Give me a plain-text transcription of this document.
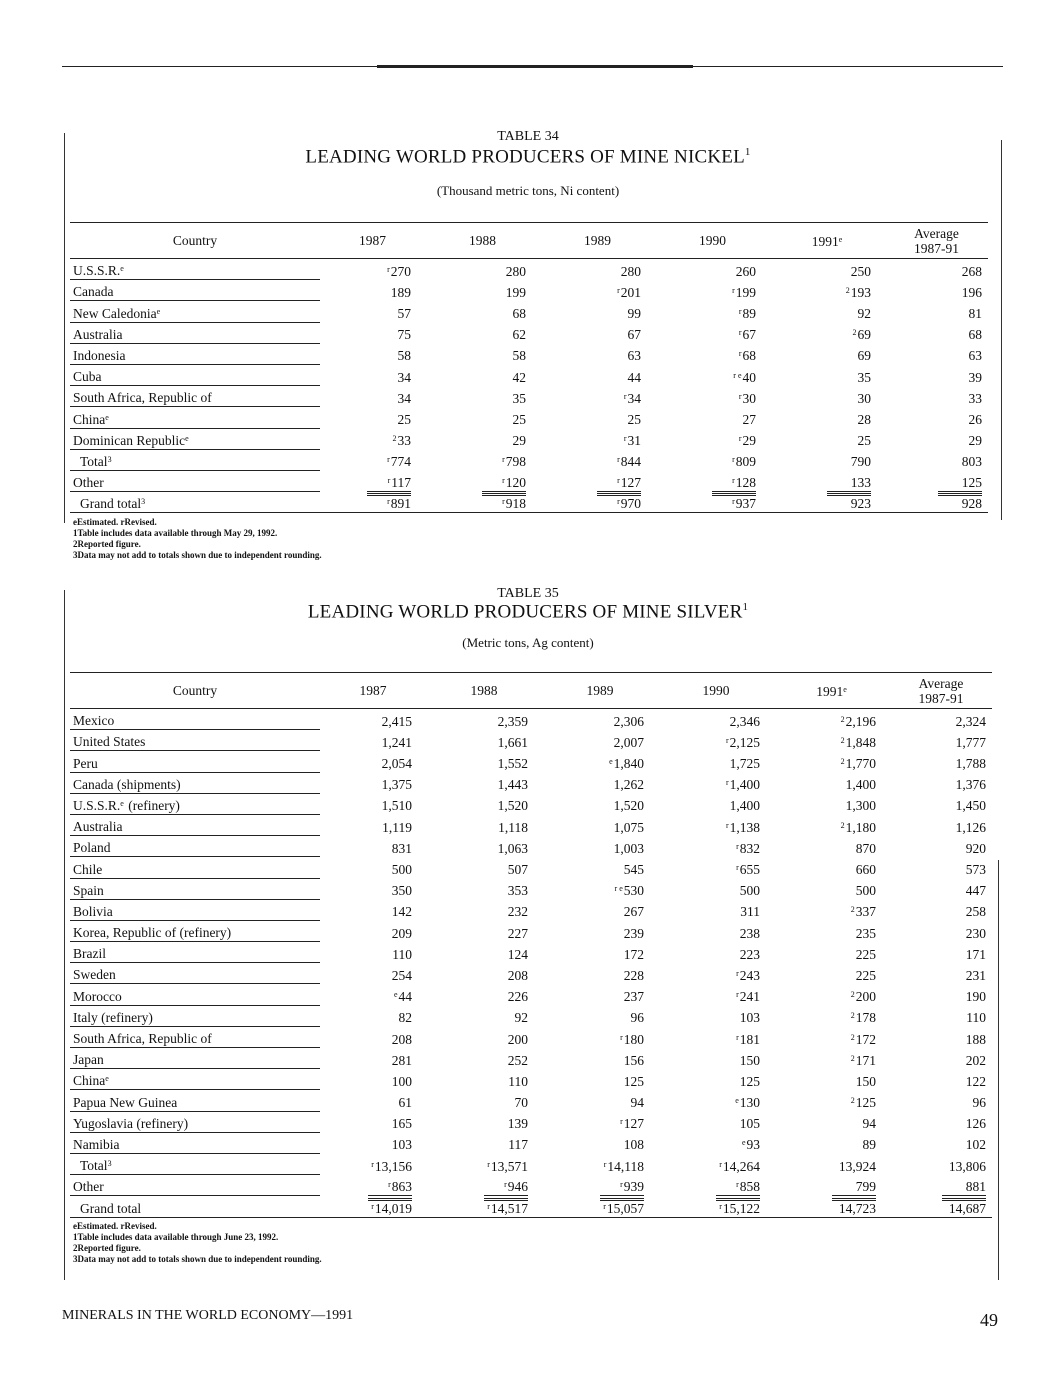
TABLE 34
LEADING WORLD PRODUCERS OF MINE NICKEL$^1$
(Thousand metric tons, Ni content)
Country	1987	1988	1989	1990	1991e	Average
1987-91
U.S.S.R.$^e$	$^r$270	280	280	260	250	268
Canada	189	199	$^r$201	$^r$199	$^2$193	196
New Caledonia$^e$	57	68	99	$^r$89	92	81
Australia	75	62	67	$^r$67	$^2$69	68
Indonesia	58	58	63	$^r$68	69	63
Cuba	34	42	44	$^{r e}$40	35	39
South Africa, Republic of	34	35	$^r$34	$^r$30	30	33
China$^e$	25	25	25	27	28	26
Dominican Republic$^e$	$^2$33	29	$^r$31	$^r$29	25	29
Total$^3$	$^r$774	$^r$798	$^r$844	$^r$809	790	803
Other	$^r$117	$^r$120	$^r$127	$^r$128	133	125
Grand total$^3$	$^r$891	$^r$918	$^r$970	$^r$937	923	928
eEstimated. rRevised.
1Table includes data available through May 29, 1992.
2Reported figure.
3Data may not add to totals shown due to independent rounding.
TABLE 35
LEADING WORLD PRODUCERS OF MINE SILVER$^1$
(Metric tons, Ag content)
Country	1987	1988	1989	1990	1991e	Average
1987-91
Mexico	2,415	2,359	2,306	2,346	$^2$2,196	2,324
United States	1,241	1,661	2,007	$^r$2,125	$^2$1,848	1,777
Peru	2,054	1,552	$^e$1,840	1,725	$^2$1,770	1,788
Canada (shipments)	1,375	1,443	1,262	$^r$1,400	1,400	1,376
U.S.S.R.$^e$ (refinery)	1,510	1,520	1,520	1,400	1,300	1,450
Australia	1,119	1,118	1,075	$^r$1,138	$^2$1,180	1,126
Poland	831	1,063	1,003	$^r$832	870	920
Chile	500	507	545	$^r$655	660	573
Spain	350	353	$^{r e}$530	500	500	447
Bolivia	142	232	267	311	$^2$337	258
Korea, Republic of (refinery)	209	227	239	238	235	230
Brazil	110	124	172	223	225	171
Sweden	254	208	228	$^r$243	225	231
Morocco	$^e$44	226	237	$^r$241	$^2$200	190
Italy (refinery)	82	92	96	103	$^2$178	110
South Africa, Republic of	208	200	$^r$180	$^r$181	$^2$172	188
Japan	281	252	156	150	$^2$171	202
China$^e$	100	110	125	125	150	122
Papua New Guinea	61	70	94	$^e$130	$^2$125	96
Yugoslavia (refinery)	165	139	$^r$127	105	94	126
Namibia	103	117	108	$^e$93	89	102
Total$^3$	$^r$13,156	$^r$13,571	$^r$14,118	$^r$14,264	13,924	13,806
Other	$^r$863	$^r$946	$^r$939	$^r$858	799	881
Grand total	$^r$14,019	$^r$14,517	$^r$15,057	$^r$15,122	14,723	14,687
eEstimated. rRevised.
1Table includes data available through June 23, 1992.
2Reported figure.
3Data may not add to totals shown due to independent rounding.
MINERALS IN THE WORLD ECONOMY—1991	49
